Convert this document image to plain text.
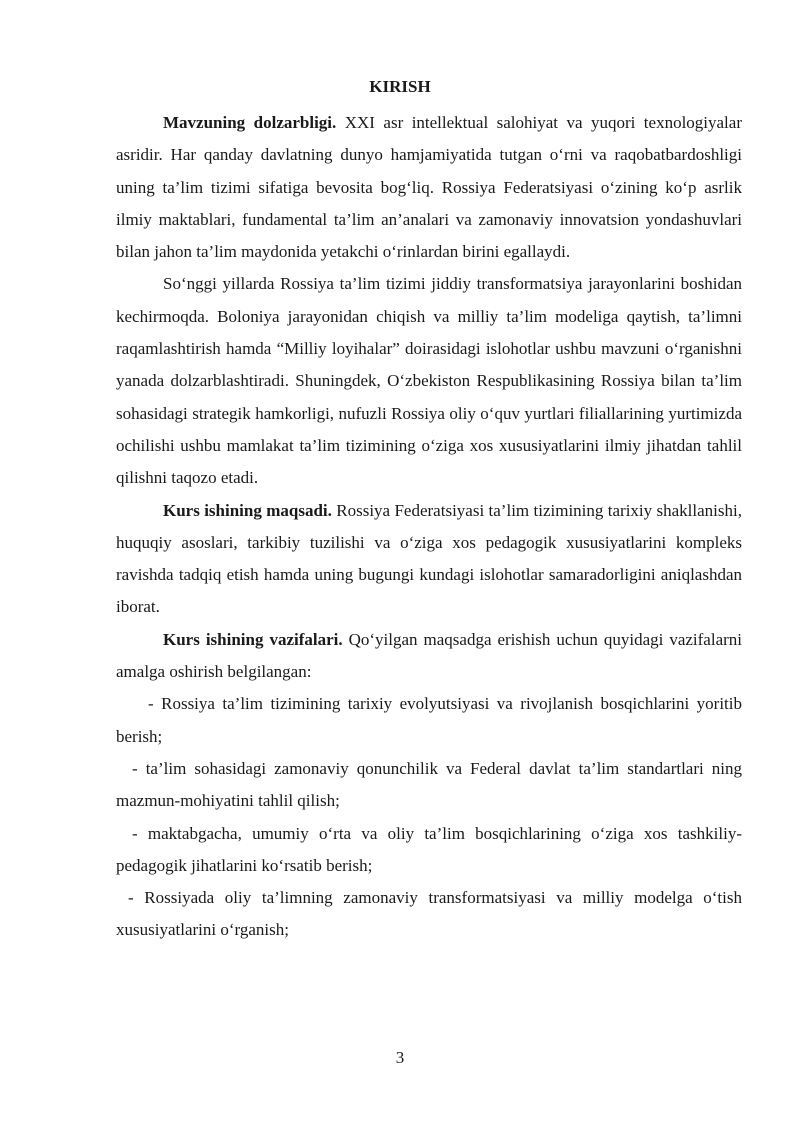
KIRISH

Mavzuning dolzarbligi. XXI asr intellektual salohiyat va yuqori texnologiyalar asridir. Har qanday davlatning dunyo hamjamiyatida tutgan o‘rni va raqobatbardoshligi uning ta’lim tizimi sifatiga bevosita bog‘liq. Rossiya Federatsiyasi o‘zining ko‘p asrlik ilmiy maktablari, fundamental ta’lim an’analari va zamonaviy innovatsion yondashuvlari bilan jahon ta’lim maydonida yetakchi o‘rinlardan birini egallaydi.

So‘nggi yillarda Rossiya ta’lim tizimi jiddiy transformatsiya jarayonlarini boshidan kechirmoqda. Boloniya jarayonidan chiqish va milliy ta’lim modeliga qaytish, ta’limni raqamlashtirish hamda “Milliy loyihalar” doirasidagi islohotlar ushbu mavzuni o‘rganishni yanada dolzarblashtiradi. Shuningdek, O‘zbekiston Respublikasining Rossiya bilan ta’lim sohasidagi strategik hamkorligi, nufuzli Rossiya oliy o‘quv yurtlari filiallarining yurtimizda ochilishi ushbu mamlakat ta’lim tizimining o‘ziga xos xususiyatlarini ilmiy jihatdan tahlil qilishni taqozo etadi.

Kurs ishining maqsadi. Rossiya Federatsiyasi ta’lim tizimining tarixiy shakllanishi, huquqiy asoslari, tarkibiy tuzilishi va o‘ziga xos pedagogik xususiyatlarini kompleks ravishda tadqiq etish hamda uning bugungi kundagi islohotlar samaradorligini aniqlashdan iborat.

Kurs ishining vazifalari. Qo‘yilgan maqsadga erishish uchun quyidagi vazifalarni amalga oshirish belgilangan:

- Rossiya ta’lim tizimining tarixiy evolyutsiyasi va rivojlanish bosqichlarini yoritib berish;

- ta’lim sohasidagi zamonaviy qonunchilik va Federal davlat ta’lim standartlari ning mazmun-mohiyatini tahlil qilish;

- maktabgacha, umumiy o‘rta va oliy ta’lim bosqichlarining o‘ziga xos tashkiliy-pedagogik jihatlarini ko‘rsatib berish;

- Rossiyada oliy ta’limning zamonaviy transformatsiyasi va milliy modelga o‘tish xususiyatlarini o‘rganish;

3
